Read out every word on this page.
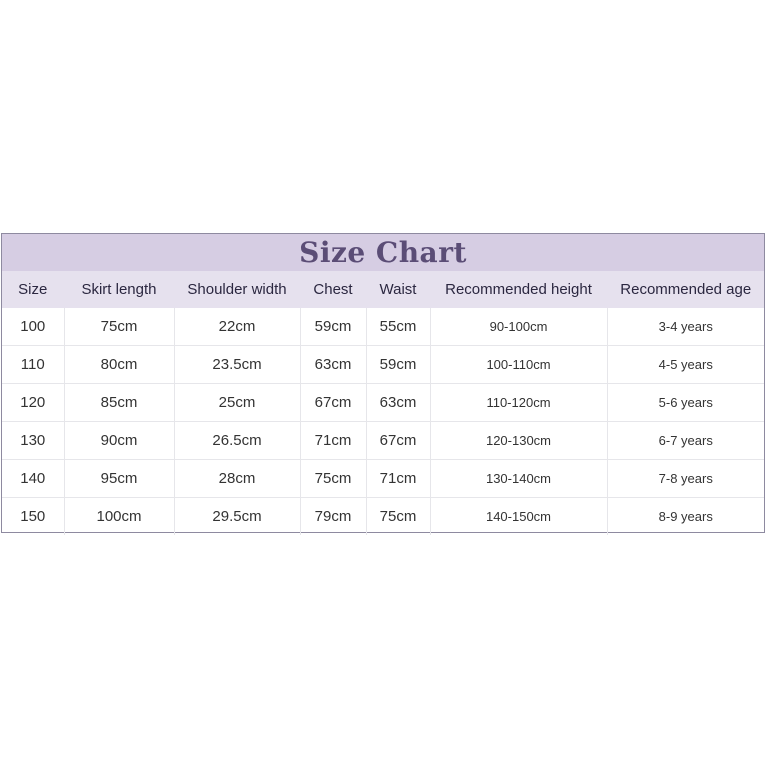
Size Chart
Size	Skirt length	Shoulder width	Chest	Waist	Recommended height	Recommended age
100	75cm	22cm	59cm	55cm	90-100cm	3-4 years
110	80cm	23.5cm	63cm	59cm	100-110cm	4-5 years
120	85cm	25cm	67cm	63cm	110-120cm	5-6 years
130	90cm	26.5cm	71cm	67cm	120-130cm	6-7 years
140	95cm	28cm	75cm	71cm	130-140cm	7-8 years
150	100cm	29.5cm	79cm	75cm	140-150cm	8-9 years
